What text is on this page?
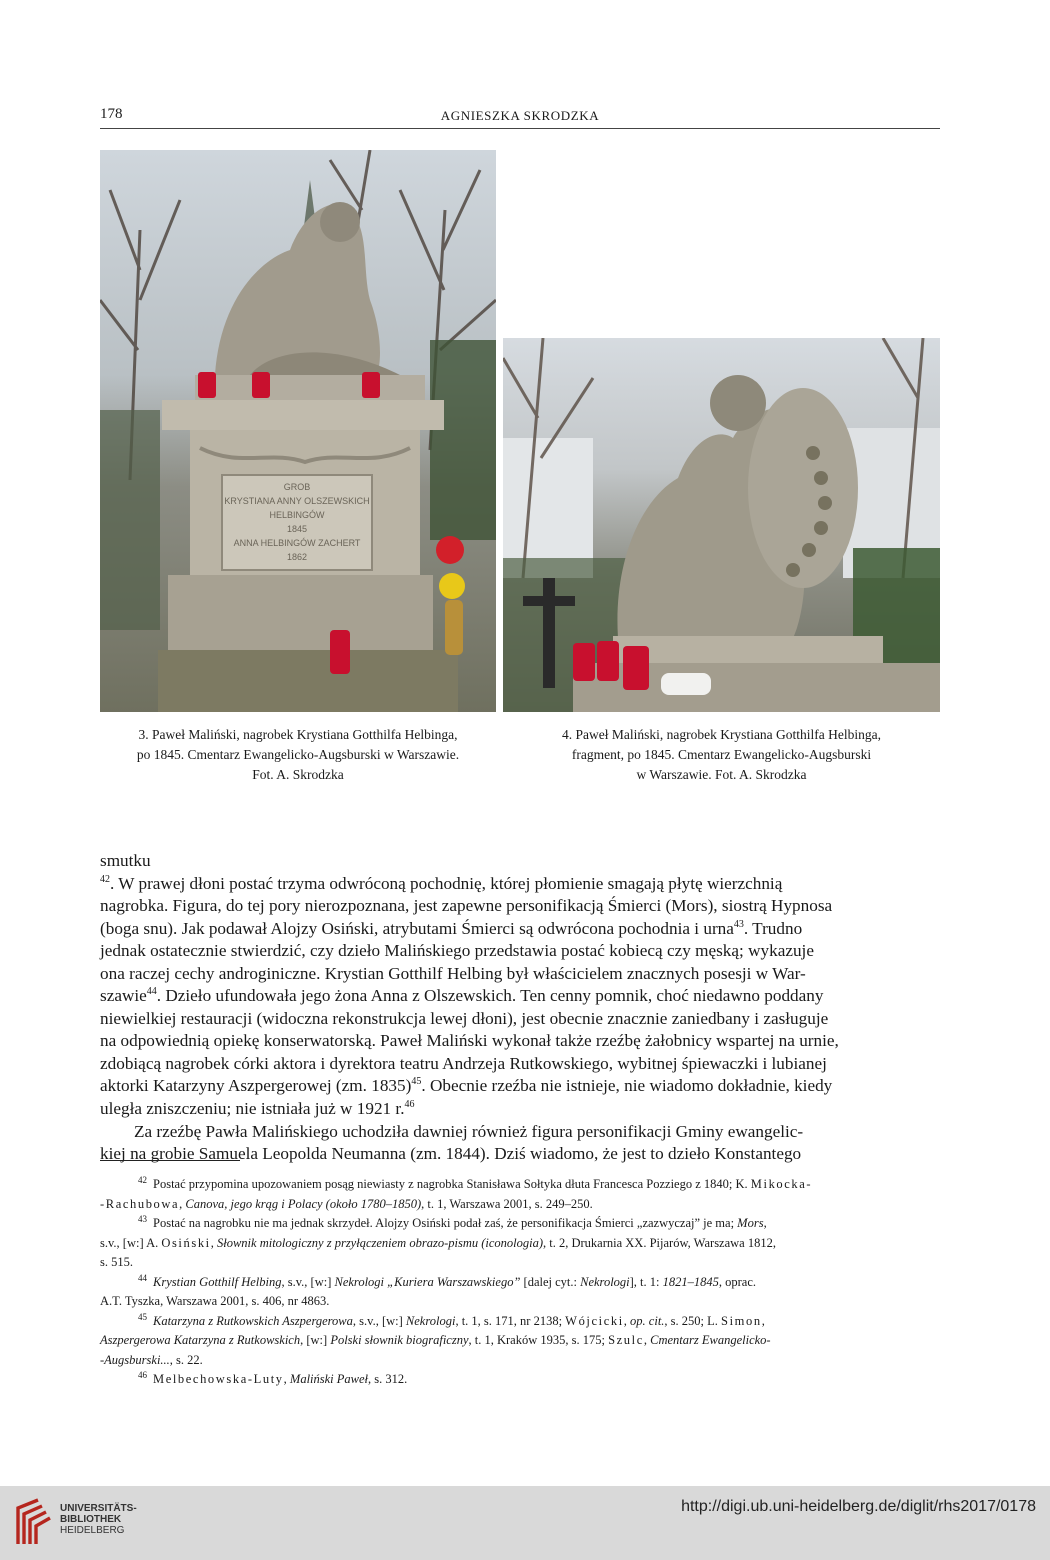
178	AGNIESZKA SKRODZKA
GROB
KRYSTIANA ANNY OLSZEWSKICH
HELBINGÓW
1845
ANNA HELBINGÓW ZACHERT
1862
3. Paweł Maliński, nagrobek Krystiana Gotthilfa Helbinga,
po 1845. Cmentarz Ewangelicko-Augsburski w Warszawie.
Fot. A. Skrodzka
4. Paweł Maliński, nagrobek Krystiana Gotthilfa Helbinga,
fragment, po 1845. Cmentarz Ewangelicko-Augsburski
w Warszawie. Fot. A. Skrodzka
smutku
$^{42}$. W prawej dłoni postać trzyma odwróconą pochodnię, której płomienie smagają płytę wierzchnią
nagrobka. Figura, do tej pory nierozpoznana, jest zapewne personifikacją Śmierci (Mors), siostrą Hypnosa
(boga snu). Jak podawał Alojzy Osiński, atrybutami Śmierci są odwrócona pochodnia i urna$^{43}$. Trudno
jednak ostatecznie stwierdzić, czy dzieło Malińskiego przedstawia postać kobiecą czy męską; wykazuje
ona raczej cechy androginiczne. Krystian Gotthilf Helbing był właścicielem znacznych posesji w War-
szawie$^{44}$. Dzieło ufundowała jego żona Anna z Olszewskich. Ten cenny pomnik, choć niedawno poddany
niewielkiej restauracji (widoczna rekonstrukcja lewej dłoni), jest obecnie znacznie zaniedbany i zasługuje
na odpowiednią opiekę konserwatorską. Paweł Maliński wykonał także rzeźbę żałobnicy wspartej na urnie,
zdobiącą nagrobek córki aktora i dyrektora teatru Andrzeja Rutkowskiego, wybitnej śpiewaczki i lubianej
aktorki Katarzyny Aszpergerowej (zm. 1835)$^{45}$. Obecnie rzeźba nie istnieje, nie wiadomo dokładnie, kiedy
uległa zniszczeniu; nie istniała już w 1921 r.$^{46}$
Za rzeźbę Pawła Malińskiego uchodziła dawniej również figura personifikacji Gminy ewangelic-
kiej na grobie Samuela Leopolda Neumanna (zm. 1844). Dziś wiadomo, że jest to dzieło Konstantego
$^{42}$ Postać przypomina upozowaniem posąg niewiasty z nagrobka Stanisława Sołtyka dłuta Francesca Pozziego z 1840; K. Mikocka-
-Rachubowa, Canova, jego krąg i Polacy (około 1780–1850), t. 1, Warszawa 2001, s. 249–250.
$^{43}$ Postać na nagrobku nie ma jednak skrzydeł. Alojzy Osiński podał zaś, że personifikacja Śmierci „zazwyczaj” je ma; Mors,
s.v., [w:] A. Osiński, Słownik mitologiczny z przyłączeniem obrazo-pismu (iconologia), t. 2, Drukarnia XX. Pijarów, Warszawa 1812,
s. 515.
$^{44}$ Krystian Gotthilf Helbing, s.v., [w:] Nekrologi „Kuriera Warszawskiego” [dalej cyt.: Nekrologi], t. 1: 1821–1845, oprac.
A.T. Tyszka, Warszawa 2001, s. 406, nr 4863.
$^{45}$ Katarzyna z Rutkowskich Aszpergerowa, s.v., [w:] Nekrologi, t. 1, s. 171, nr 2138; Wójcicki, op. cit., s. 250; L. Simon,
Aszpergerowa Katarzyna z Rutkowskich, [w:] Polski słownik biograficzny, t. 1, Kraków 1935, s. 175; Szulc, Cmentarz Ewangelicko-
-Augsburski..., s. 22.
$^{46}$ Melbechowska-Luty, Maliński Paweł, s. 312.
UNIVERSITÄTS-
BIBLIOTHEK
HEIDELBERG
http://digi.ub.uni-heidelberg.de/diglit/rhs2017/0178
